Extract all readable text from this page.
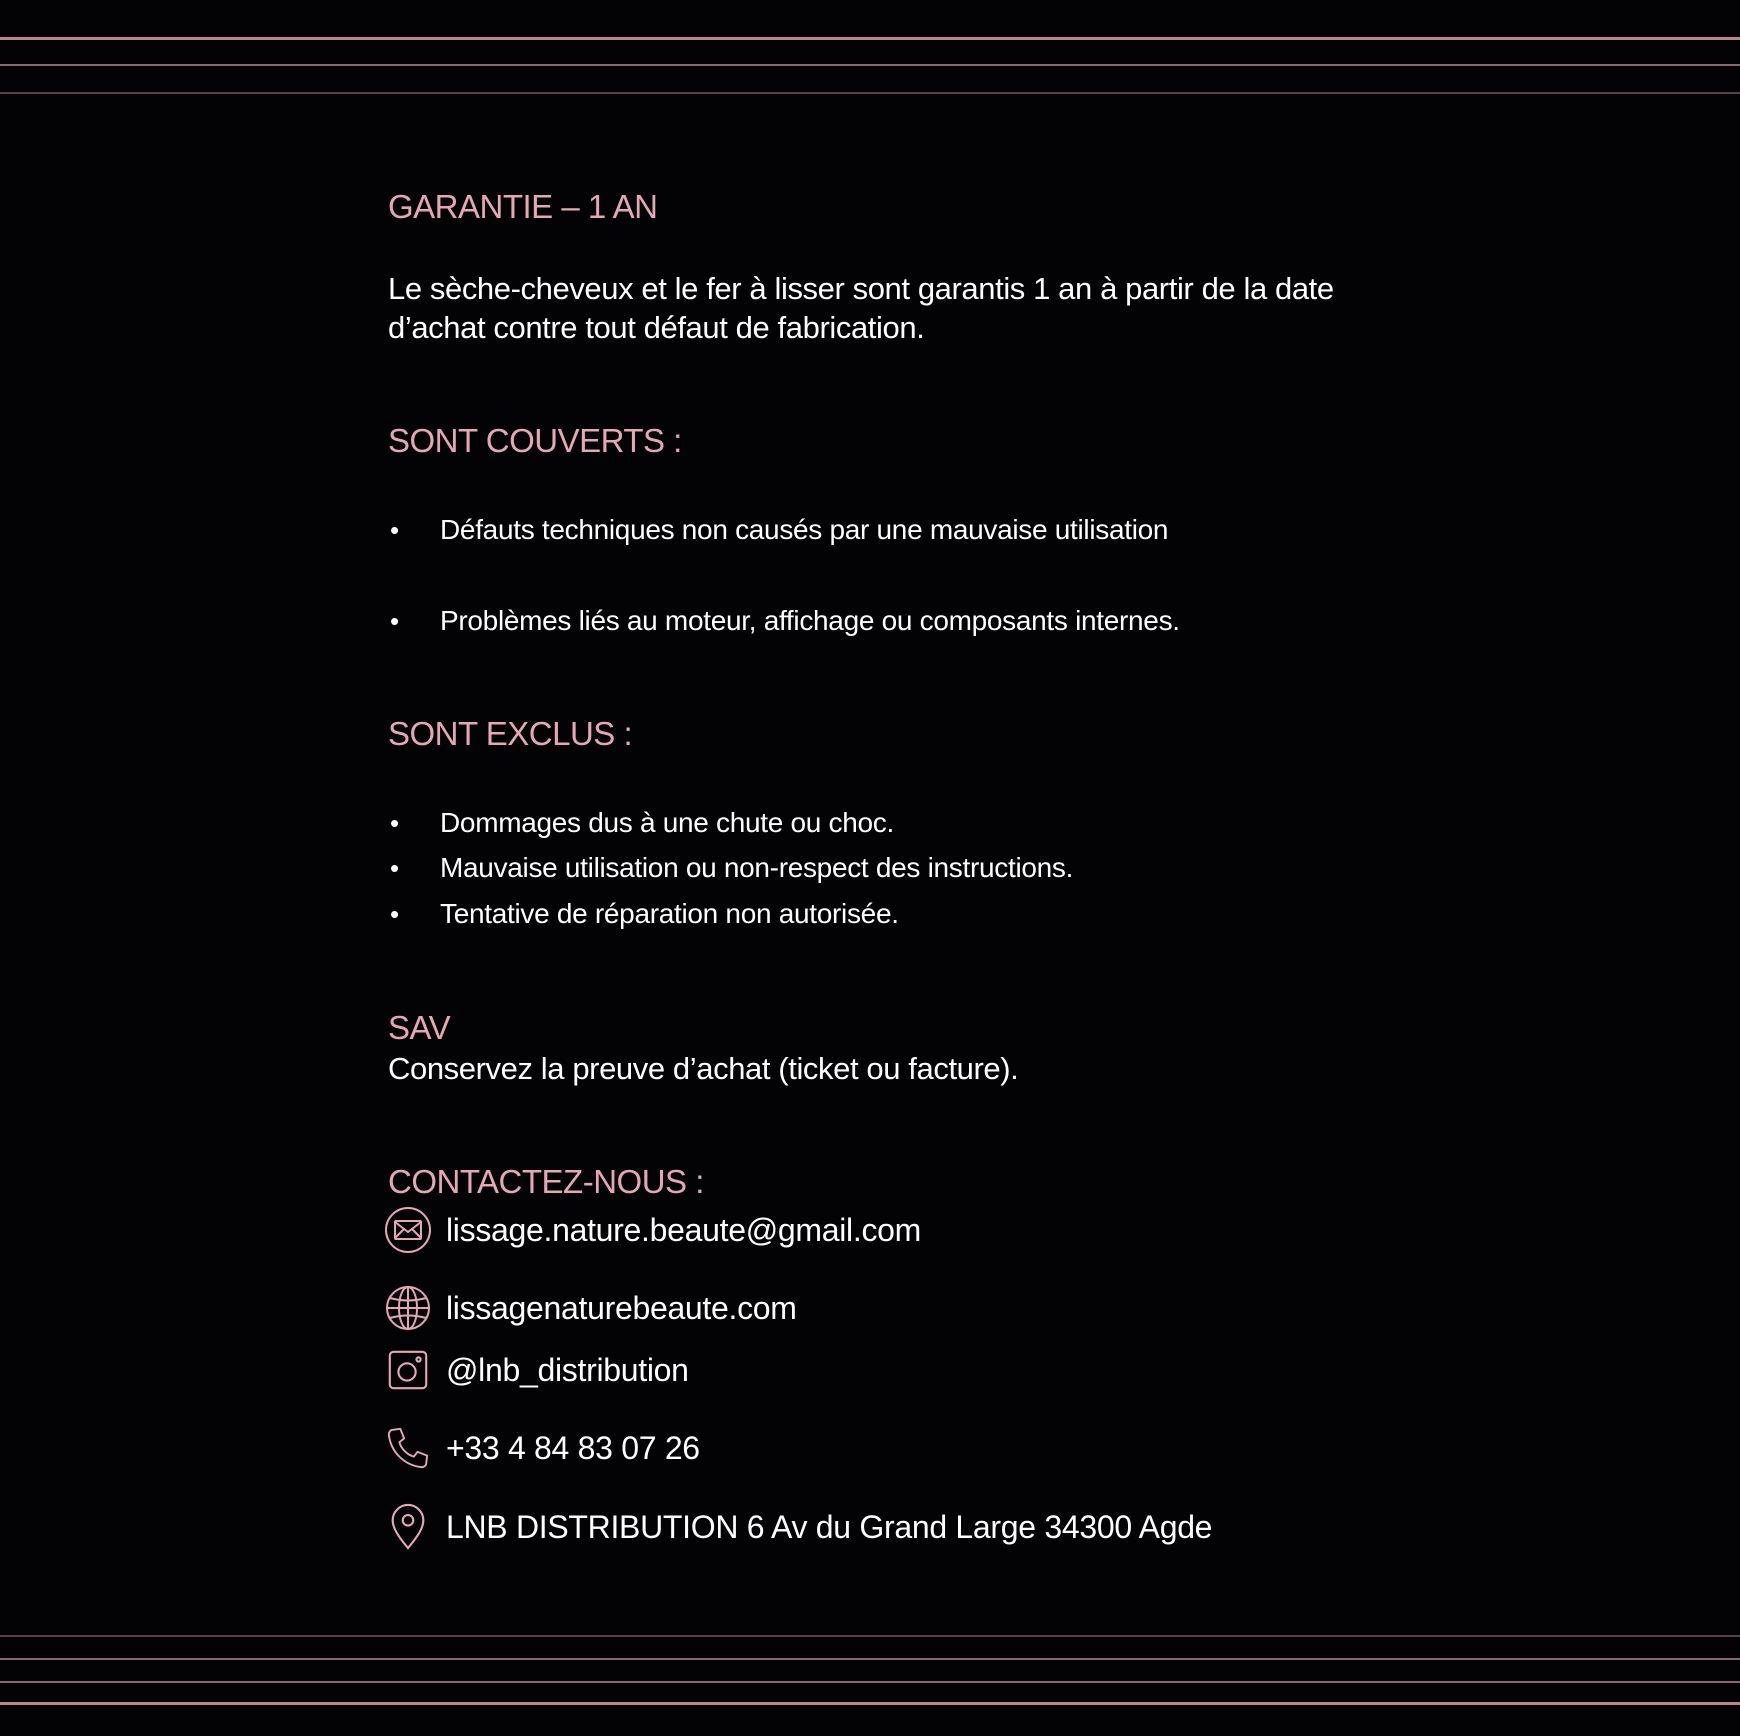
GARANTIE – 1 AN

Le sèche-cheveux et le fer à lisser sont garantis 1 an à partir de la date

d’achat contre tout défaut de fabrication.

SONT COUVERTS :
•	Défauts techniques non causés par une mauvaise utilisation
•	Problèmes liés au moteur, affichage ou composants internes.
SONT EXCLUS :
•	Dommages dus à une chute ou choc.
•	Mauvaise utilisation ou non-respect des instructions.
•	Tentative de réparation non autorisée.
SAV

Conservez la preuve d’achat (ticket ou facture).

CONTACTEZ-NOUS :
lissage.nature.beaute@gmail.com
lissagenaturebeaute.com
@lnb_distribution
+33 4 84 83 07 26
LNB DISTRIBUTION 6 Av du Grand Large 34300 Agde
